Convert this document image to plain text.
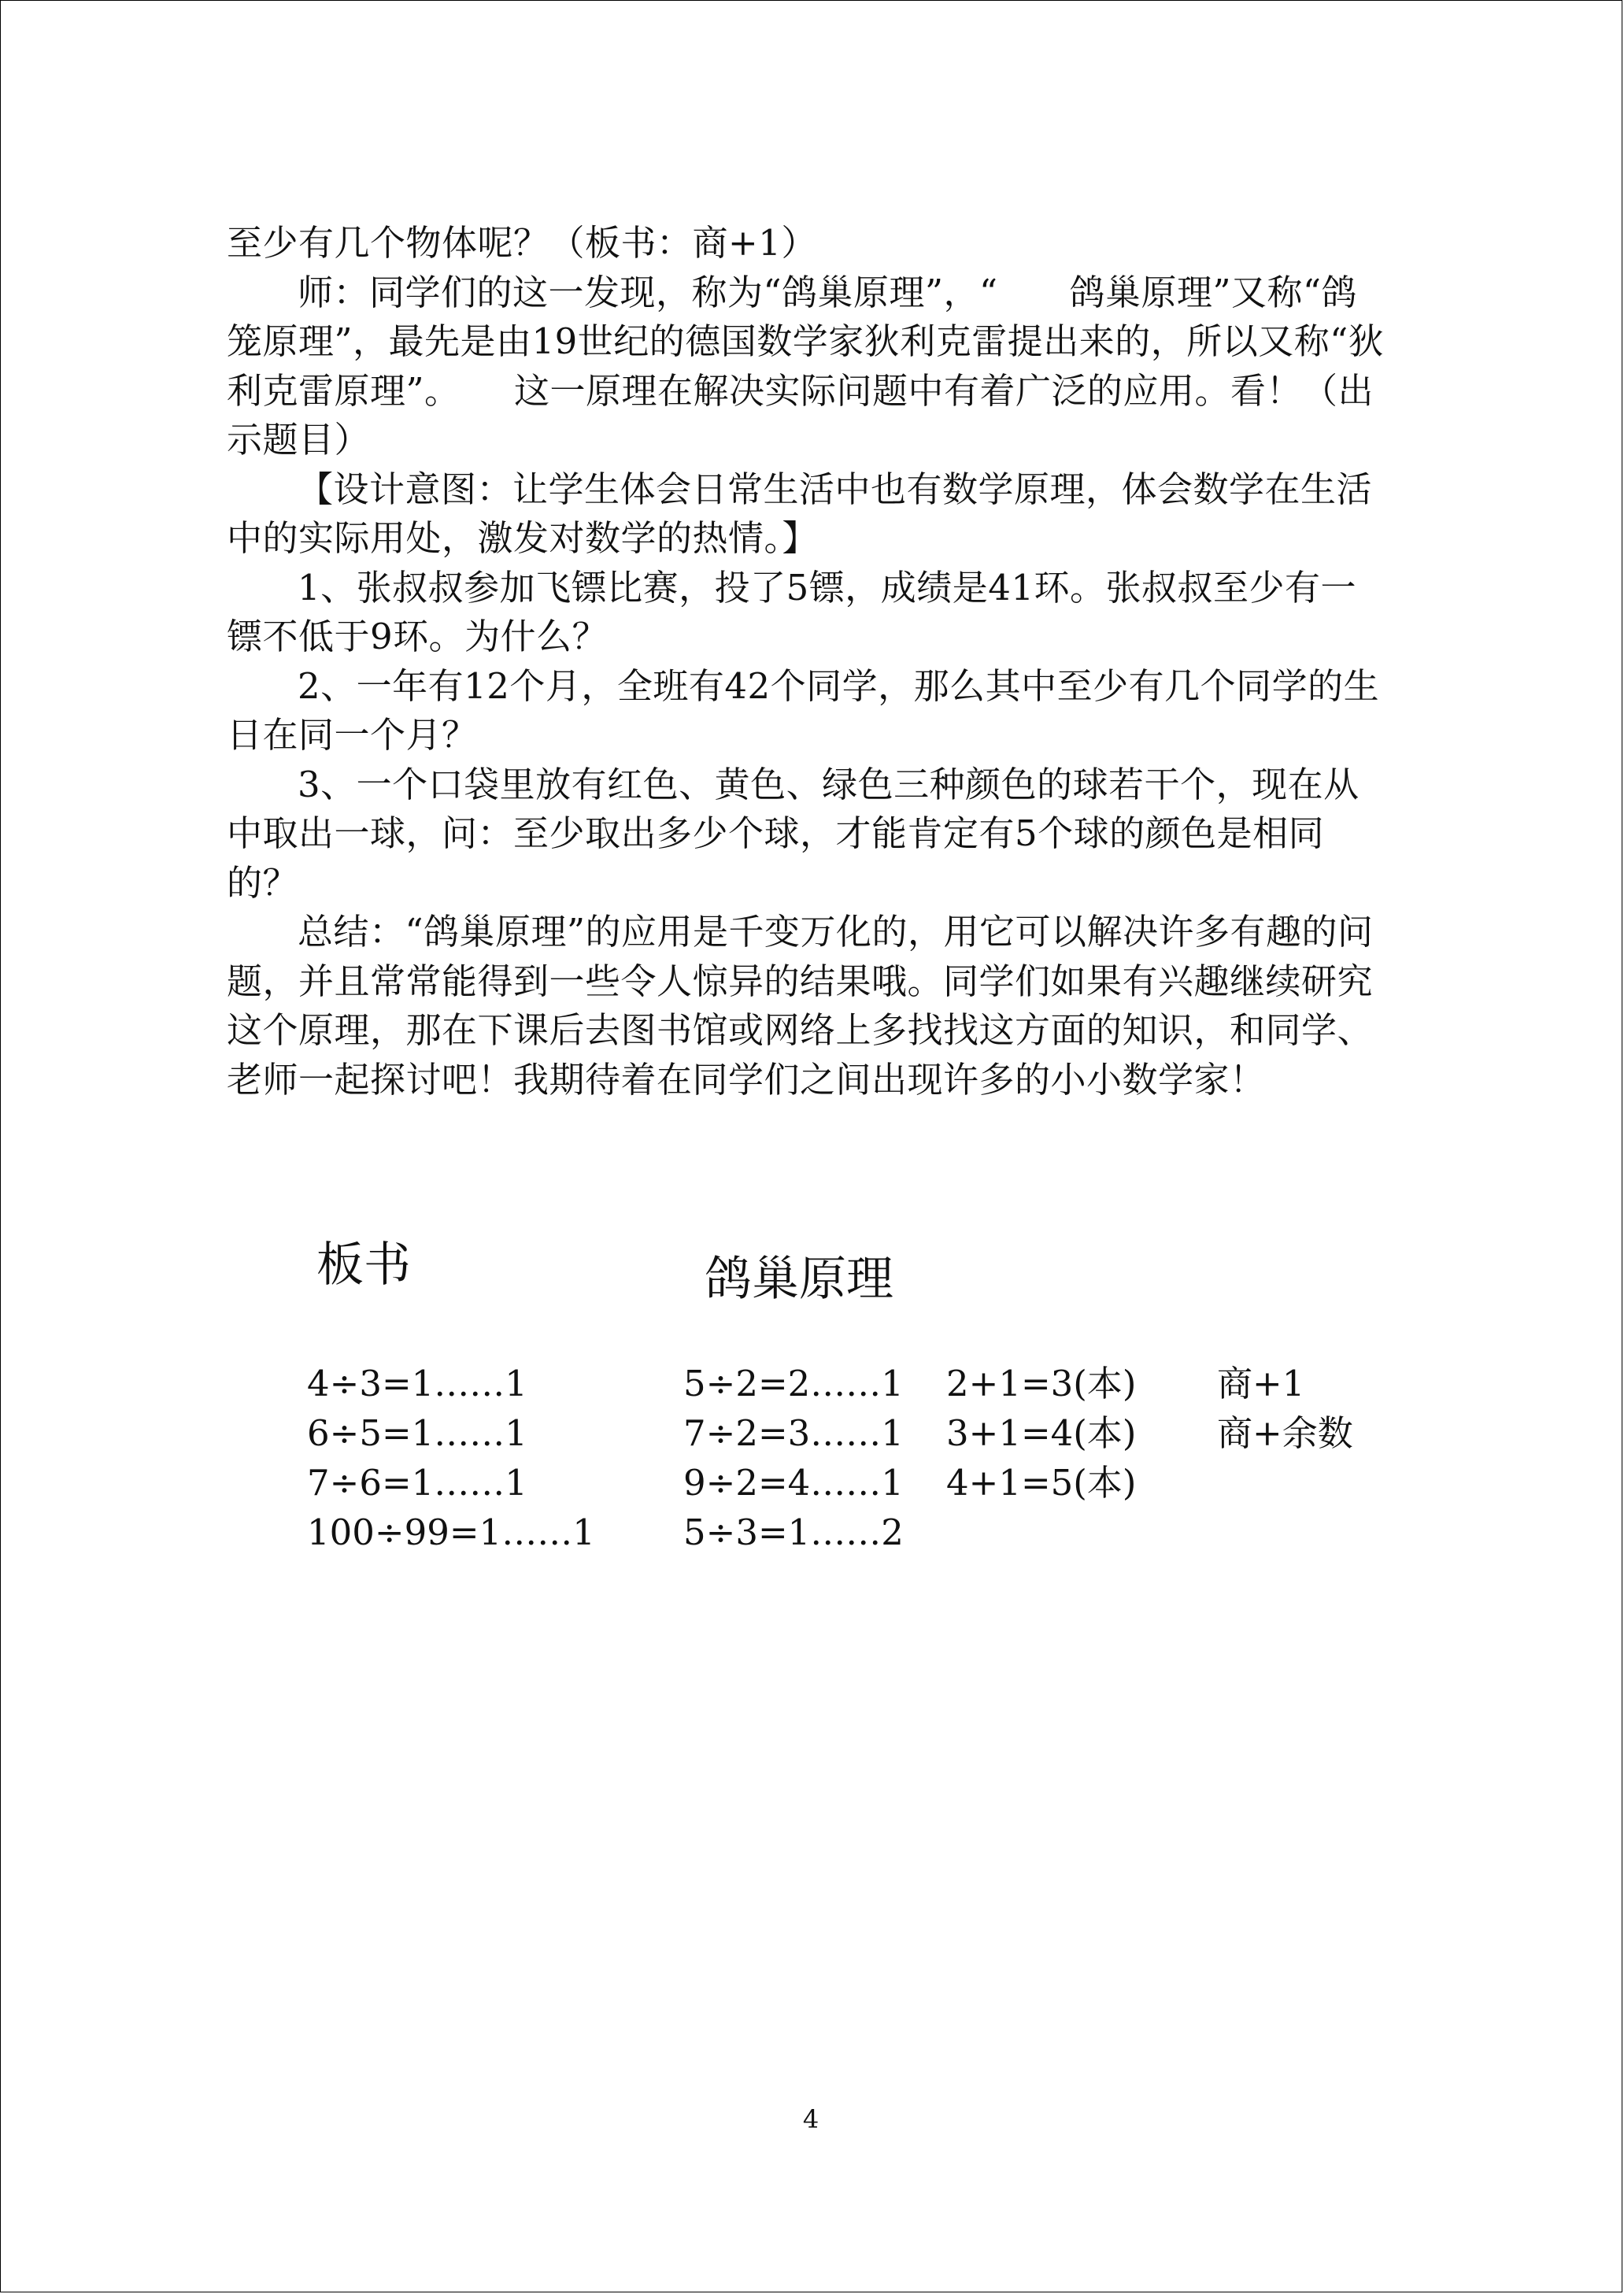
至少有几个物体呢？（板书：商+1）

师：同学们的这一发现，称为“鸽巢原理”，“　　鸽巢原理”又称“鸽笼原理”，最先是由19世纪的德国数学家狄利克雷提出来的，所以又称“狄利克雷原理”。　　这一原理在解决实际问题中有着广泛的应用。看！（出示题目）

【设计意图：让学生体会日常生活中也有数学原理，体会数学在生活中的实际用处，激发对数学的热情。】

1、张叔叔参加飞镖比赛，投了5镖，成绩是41环。张叔叔至少有一镖不低于9环。为什么？

2、一年有12个月，全班有42个同学，那么其中至少有几个同学的生日在同一个月？

3、一个口袋里放有红色、黄色、绿色三种颜色的球若干个，现在从中取出一球，问：至少取出多少个球，才能肯定有5个球的颜色是相同的？

总结：“鸽巢原理”的应用是千变万化的，用它可以解决许多有趣的问题，并且常常能得到一些令人惊异的结果哦。同学们如果有兴趣继续研究这个原理，那在下课后去图书馆或网络上多找找这方面的知识，和同学、老师一起探讨吧！我期待着在同学们之间出现许多的小小数学家！

板书	鸽巢原理
4÷3=1……1
6÷5=1……1
7÷6=1……1
100÷99=1……1
5÷2=2……1
7÷2=3……1
9÷2=4……1
5÷3=1……2
2+1=3(本)
3+1=4(本)
4+1=5(本)
商+1
商+余数
4
